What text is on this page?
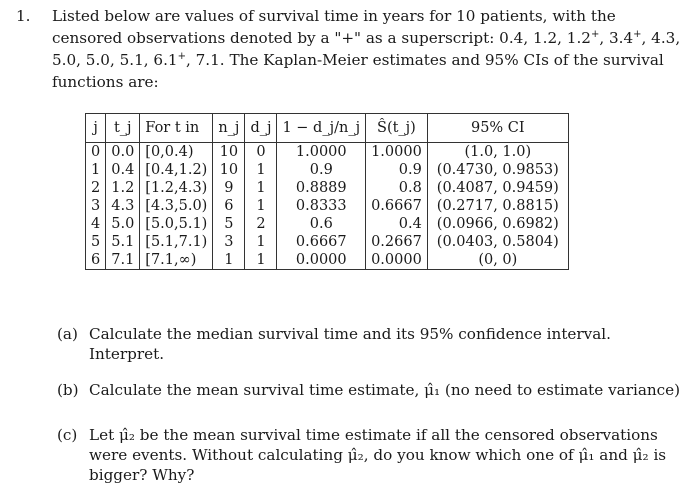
1. Listed below are values of survival time in years for 10 patients, with the censored observations denoted by a "+" as a superscript: 0.4, 1.2, 1.2+, 3.4+, 4.3, 5.0, 5.0, 5.1, 6.1+, 7.1. The Kaplan-Meier estimates and 95% CIs of the survival functions are:
j	t_j	For t in	n_j	d_j	1 − d_j/n_j	Ŝ(t_j)	95% CI
0	0.0	[0,0.4)	10	0	1.0000	1.0000	(1.0, 1.0)
1	0.4	[0.4,1.2)	10	1	0.9	0.9	(0.4730, 0.9853)
2	1.2	[1.2,4.3)	9	1	0.8889	0.8	(0.4087, 0.9459)
3	4.3	[4.3,5.0)	6	1	0.8333	0.6667	(0.2717, 0.8815)
4	5.0	[5.0,5.1)	5	2	0.6	0.4	(0.0966, 0.6982)
5	5.1	[5.1,7.1)	3	1	0.6667	0.2667	(0.0403, 0.5804)
6	7.1	[7.1,∞)	1	1	0.0000	0.0000	(0, 0)
(a) Calculate the median survival time and its 95% confidence interval. Interpret.
(b) Calculate the mean survival time estimate, μ̂₁ (no need to estimate variance)
(c) Let μ̂₂ be the mean survival time estimate if all the censored observations were events. Without calculating μ̂₂, do you know which one of μ̂₁ and μ̂₂ is bigger? Why?
